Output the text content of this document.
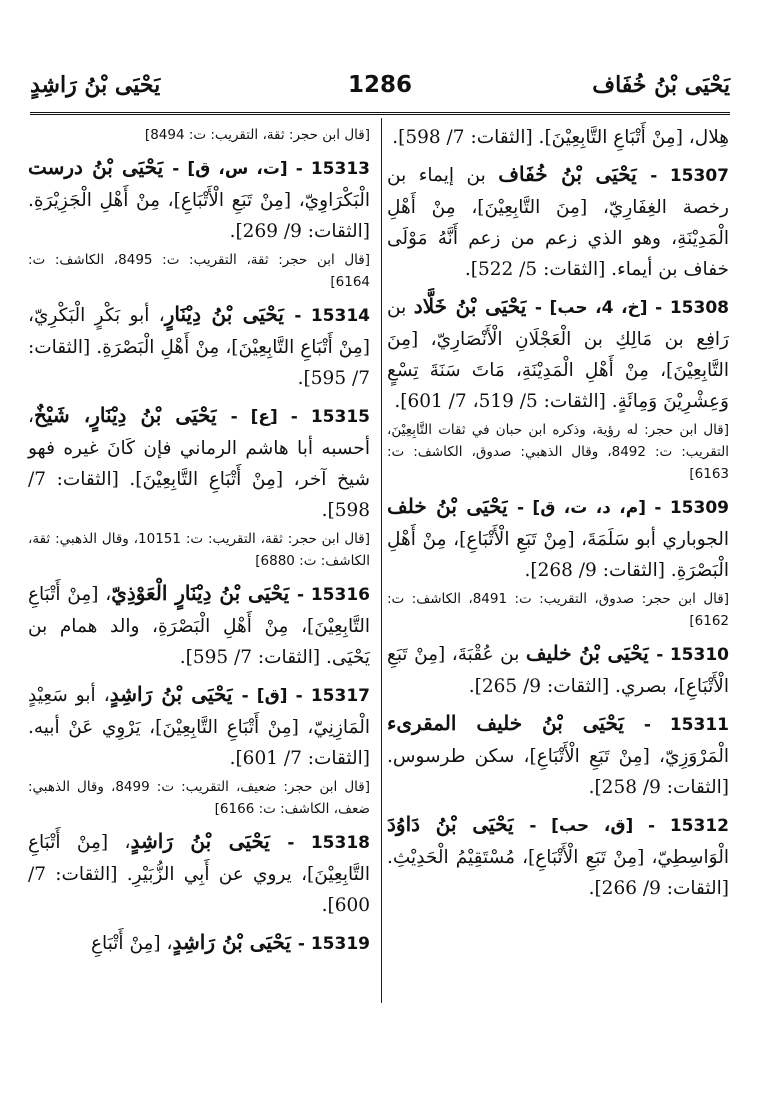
يَحْيَى بْنُ خُفَاف
1286
يَحْيَى بْنُ رَاشِدٍ

هِلال، [مِنْ أَتْبَاعِ التَّابِعِيْنَ]. [الثقات: 7/ 598].

15307 - يَحْيَى بْنُ خُفَاف بن إيماء بن رخصة الغِفَارِيّ، [مِنَ التَّابِعِيْنَ]، مِنْ أَهْلِ الْمَدِيْنَةِ، وهو الذي زعم من زعم أَنَّهُ مَوْلَى خفاف بن أيماء. [الثقات: 5/ 522].

15308 - [خ، 4، حب] - يَحْيَى بْنُ خَلَّاد بن رَافِع بن مَالِكِ بن الْعَجْلَانِ الْأَنْصَارِيّ، [مِنَ التَّابِعِيْنَ]، مِنْ أَهْلِ الْمَدِيْنَةِ، مَاتَ سَنَةَ تِسْعٍ وَعِشْرِيْنَ وَمِائَةٍ. [الثقات: 5/ 519، 7/ 601].

[قال ابن حجر: له رؤية، وذكره ابن حبان في ثقات التَّابِعِيْنَ، التقريب: ت: 8492، وقال الذهبي: صدوق، الكاشف: ت: 6163]

15309 - [م، د، ت، ق] - يَحْيَى بْنُ خلف الجوباري أبو سَلَمَةَ، [مِنْ تَبَعِ الْأَتْبَاعِ]، مِنْ أَهْلِ الْبَصْرَةِ. [الثقات: 9/ 268].

[قال ابن حجر: صدوق، التقريب: ت: 8491، الكاشف: ت: 6162]

15310 - يَحْيَى بْنُ خليف بن عُقْبَةَ، [مِنْ تَبَعِ الْأَتْبَاعِ]، بصري. [الثقات: 9/ 265].

15311 - يَحْيَى بْنُ خليف المقرىء الْمَرْوَزِيّ، [مِنْ تَبَعِ الْأَتْبَاعِ]، سكن طرسوس. [الثقات: 9/ 258].

15312 - [ق، حب] - يَحْيَى بْنُ دَاوُدَ الْوَاسِطِيّ، [مِنْ تَبَعِ الْأَتْبَاعِ]، مُسْتَقِيْمُ الْحَدِيْثِ. [الثقات: 9/ 266].

[قال ابن حجر: ثقة، التقريب: ت: 8494]

15313 - [ت، س، ق] - يَحْيَى بْنُ درست الْبَكْرَاوِيّ، [مِنْ تَبَعِ الْأَتْبَاعِ]، مِنْ أَهْلِ الْجَزِيْرَةِ. [الثقات: 9/ 269].

[قال ابن حجر: ثقة، التقريب: ت: 8495، الكاشف: ت: 6164]

15314 - يَحْيَى بْنُ دِيْنَارٍ، أبو بَكْرٍ الْبَكْرِيّ، [مِنْ أَتْبَاعِ التَّابِعِيْنَ]، مِنْ أَهْلِ الْبَصْرَةِ. [الثقات: 7/ 595].

15315 - [ع] - يَحْيَى بْنُ دِيْنَارٍ، شَيْخٌ، أحسبه أبا هاشم الرماني فإن كَانَ غيره فهو شيخ آخر، [مِنْ أَتْبَاعِ التَّابِعِيْنَ]. [الثقات: 7/ 598].

[قال ابن حجر: ثقة، التقريب: ت: 10151، وقال الذهبي: ثقة، الكاشف: ت: 6880]

15316 - يَحْيَى بْنُ دِيْنَارٍ الْعَوْذِيّ، [مِنْ أَتْبَاعِ التَّابِعِيْنَ]، مِنْ أَهْلِ الْبَصْرَةِ، والد همام بن يَحْيَى. [الثقات: 7/ 595].

15317 - [ق] - يَحْيَى بْنُ رَاشِدٍ، أبو سَعِيْدٍ الْمَازِنِيّ، [مِنْ أَتْبَاعِ التَّابِعِيْنَ]، يَرْوِي عَنْ أبيه. [الثقات: 7/ 601].

[قال ابن حجر: ضعيف، التقريب: ت: 8499، وقال الذهبي: ضعف، الكاشف: ت: 6166]

15318 - يَحْيَى بْنُ رَاشِدٍ، [مِنْ أَتْبَاعِ التَّابِعِيْنَ]، يروي عن أَبِي الزُّبَيْرِ. [الثقات: 7/ 600].

15319 - يَحْيَى بْنُ رَاشِدٍ، [مِنْ أَتْبَاعِ
